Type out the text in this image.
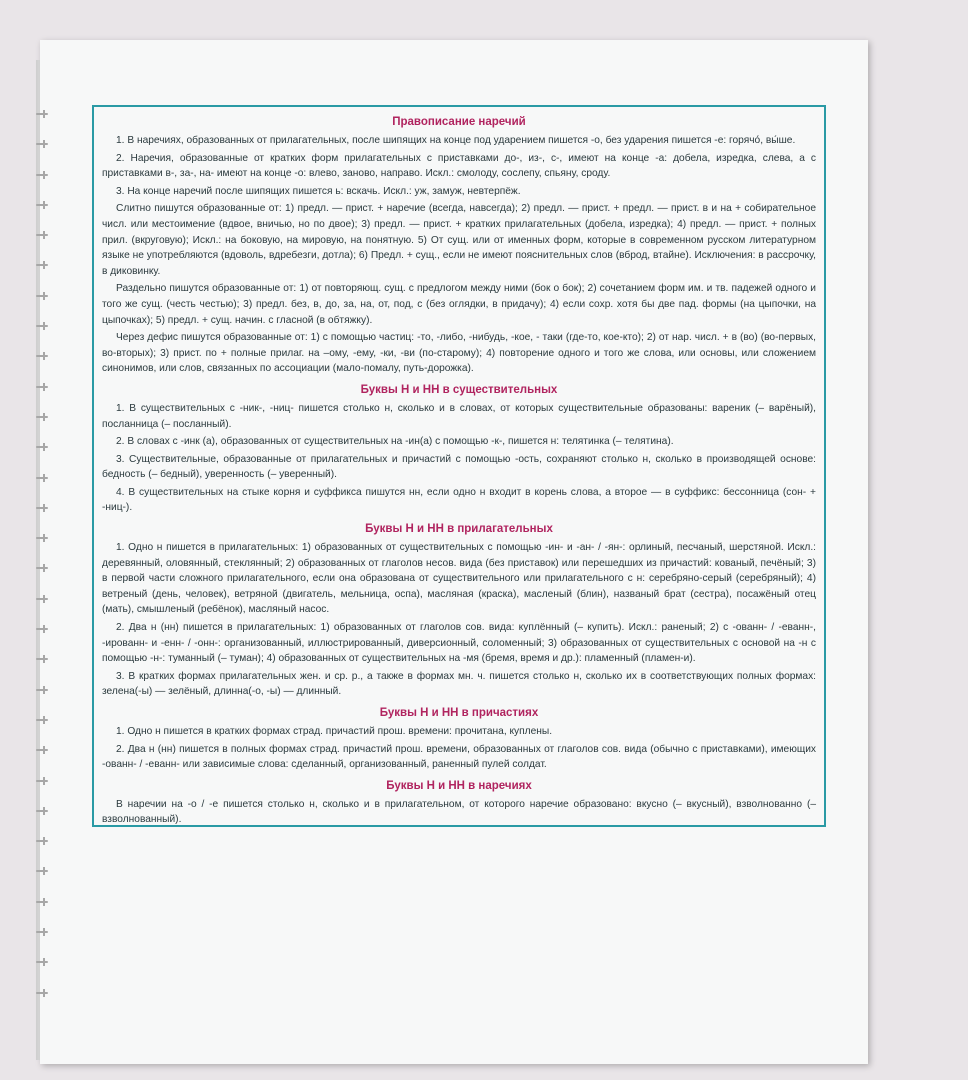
Правописание наречий

1. В наречиях, образованных от прилагательных, после шипящих на конце под ударением пишется -о, без ударения пишется -е: горячо́, вы́ше.

2. Наречия, образованные от кратких форм прилагательных с приставками до-, из-, с-, имеют на конце -а: добела, изредка, слева, а с приставками в-, за-, на- имеют на конце -о: влево, заново, направо. Искл.: смолоду, сослепу, спьяну, сроду.

3. На конце наречий после шипящих пишется ь: вскачь. Искл.: уж, замуж, невтерпёж.

Слитно пишутся образованные от: 1) предл. — прист. + наречие (всегда, навсегда); 2) предл. — прист. + предл. — прист. в и на + собирательное числ. или местоимение (вдвое, вничью, но по двое); 3) предл. — прист. + кратких прилагательных (добела, изредка); 4) предл. — прист. + полных прил. (вкруговую); Искл.: на боковую, на мировую, на понятную. 5) От сущ. или от именных форм, которые в современном русском литературном языке не употребляются (вдоволь, вдребезги, дотла); 6) Предл. + сущ., если не имеют пояснительных слов (вброд, втайне). Исключения: в рассрочку, в диковинку.

Раздельно пишутся образованные от: 1) от повторяющ. сущ. с предлогом между ними (бок о бок); 2) сочетанием форм им. и тв. падежей одного и того же сущ. (честь честью); 3) предл. без, в, до, за, на, от, под, с (без оглядки, в придачу); 4) если сохр. хотя бы две пад. формы (на цыпочки, на цыпочках); 5) предл. + сущ. начин. с гласной (в обтяжку).

Через дефис пишутся образованные от: 1) с помощью частиц: -то, -либо, -нибудь, -кое, - таки (где-то, кое-кто); 2) от нар. числ. + в (во) (во-первых, во-вторых); 3) прист. по + полные прилаг. на –ому, -ему, -ки, -ви (по-старому); 4) повторение одного и того же слова, или основы, или сложением синонимов, или слов, связанных по ассоциации (мало-помалу, путь-дорожка).

Буквы Н и НН в существительных

1. В существительных с -ник-, -ниц- пишется столько н, сколько и в словах, от которых существительные образованы: вареник (– варёный), посланница (– посланный).

2. В словах с -инк (а), образованных от существительных на -ин(а) с помощью -к-, пишется н: телятинка (– телятина).

3. Существительные, образованные от прилагательных и причастий с помощью -ость, сохраняют столько н, сколько в производящей основе: бедность (– бедный), уверенность (– уверенный).

4. В существительных на стыке корня и суффикса пишутся нн, если одно н входит в корень слова, а второе — в суффикс: бессонница (сон- + -ниц-).

Буквы Н и НН в прилагательных

1. Одно н пишется в прилагательных: 1) образованных от существительных с помощью -ин- и -ан- / -ян-: орлиный, песчаный, шерстяной. Искл.: деревянный, оловянный, стеклянный; 2) образованных от глаголов несов. вида (без приставок) или перешедших из причастий: кованый, печёный; 3) в первой части сложного прилагательного, если она образована от существительного или прилагательного с н: серебряно-серый (серебряный); 4) ветреный (день, человек), ветряной (двигатель, мельница, оспа), масляная (краска), масленый (блин), названый брат (сестра), посажёный отец (мать), смышленый (ребёнок), масляный насос.

2. Два н (нн) пишется в прилагательных: 1) образованных от глаголов сов. вида: куплённый (– купить). Искл.: раненый; 2) с -ованн- / -еванн-, -ированн- и -енн- / -онн-: организованный, иллюстрированный, диверсионный, соломенный; 3) образованных от существительных с основой на -н с помощью -н-: туманный (– туман); 4) образованных от существительных на -мя (бремя, время и др.): пламенный (пламен-и).

3. В кратких формах прилагательных жен. и ср. р., а также в формах мн. ч. пишется столько н, сколько их в соответствующих полных формах: зелена(-ы) — зелёный, длинна(-о, -ы) — длинный.

Буквы Н и НН в причастиях

1. Одно н пишется в кратких формах страд. причастий прош. времени: прочитана, куплены.

2. Два н (нн) пишется в полных формах страд. причастий прош. времени, образованных от глаголов сов. вида (обычно с приставками), имеющих -ованн- / -еванн- или зависимые слова: сделанный, организованный, раненный пулей солдат.

Буквы Н и НН в наречиях

В наречии на -о / -е пишется столько н, сколько и в прилагательном, от которого наречие образовано: вкусно (– вкусный), взволнованно (– взволнованный).
